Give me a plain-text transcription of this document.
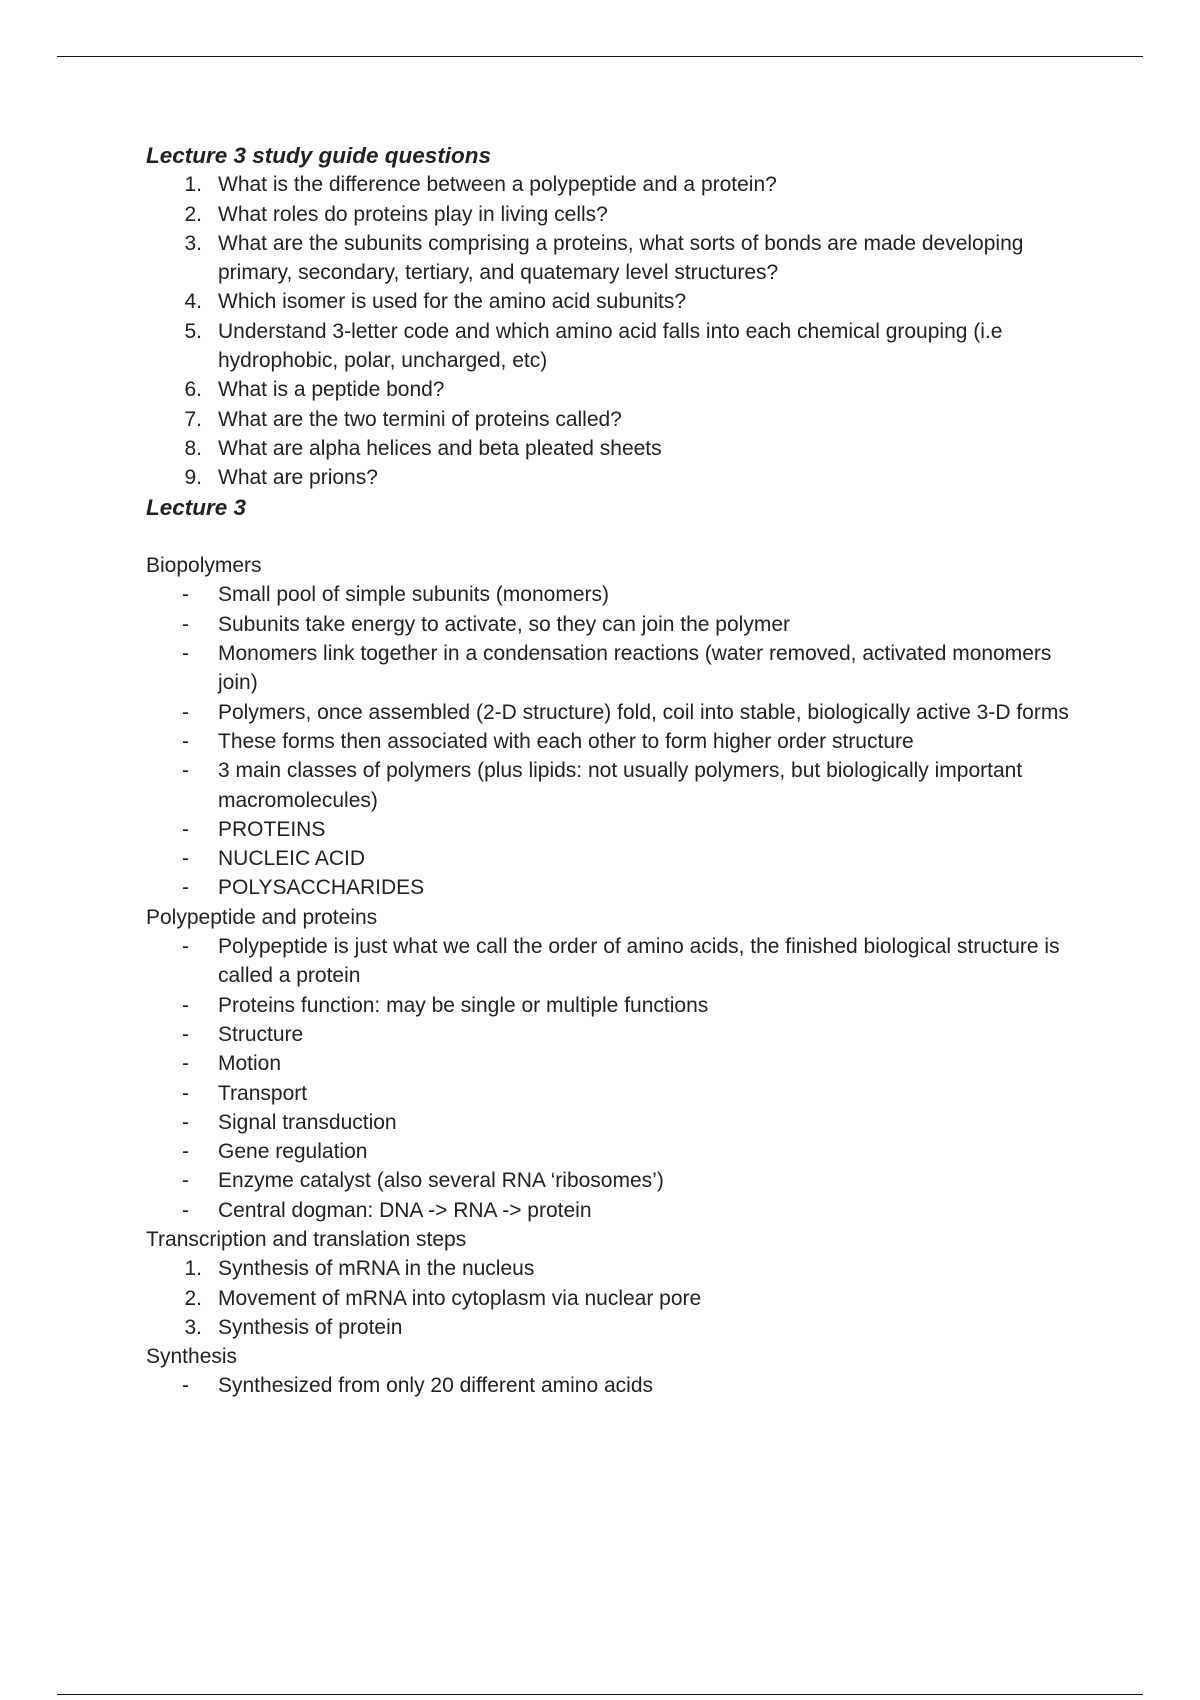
Lecture 3 study guide questions

1. What is the difference between a polypeptide and a protein?
2. What roles do proteins play in living cells?
3. What are the subunits comprising a proteins, what sorts of bonds are made developing primary, secondary, tertiary, and quatemary level structures?
4. Which isomer is used for the amino acid subunits?
5. Understand 3-letter code and which amino acid falls into each chemical grouping (i.e hydrophobic, polar, uncharged, etc)
6. What is a peptide bond?
7. What are the two termini of proteins called?
8. What are alpha helices and beta pleated sheets
9. What are prions?

Lecture 3

Biopolymers

- Small pool of simple subunits (monomers)
- Subunits take energy to activate, so they can join the polymer
- Monomers link together in a condensation reactions (water removed, activated monomers join)
- Polymers, once assembled (2-D structure) fold, coil into stable, biologically active 3-D forms
- These forms then associated with each other to form higher order structure
- 3 main classes of polymers (plus lipids: not usually polymers, but biologically important macromolecules)
- PROTEINS
- NUCLEIC ACID
- POLYSACCHARIDES

Polypeptide and proteins

- Polypeptide is just what we call the order of amino acids, the finished biological structure is called a protein
- Proteins function: may be single or multiple functions
- Structure
- Motion
- Transport
- Signal transduction
- Gene regulation
- Enzyme catalyst (also several RNA ‘ribosomes’)
- Central dogman: DNA -> RNA -> protein

Transcription and translation steps

1. Synthesis of mRNA in the nucleus
2. Movement of mRNA into cytoplasm via nuclear pore
3. Synthesis of protein

Synthesis

- Synthesized from only 20 different amino acids
